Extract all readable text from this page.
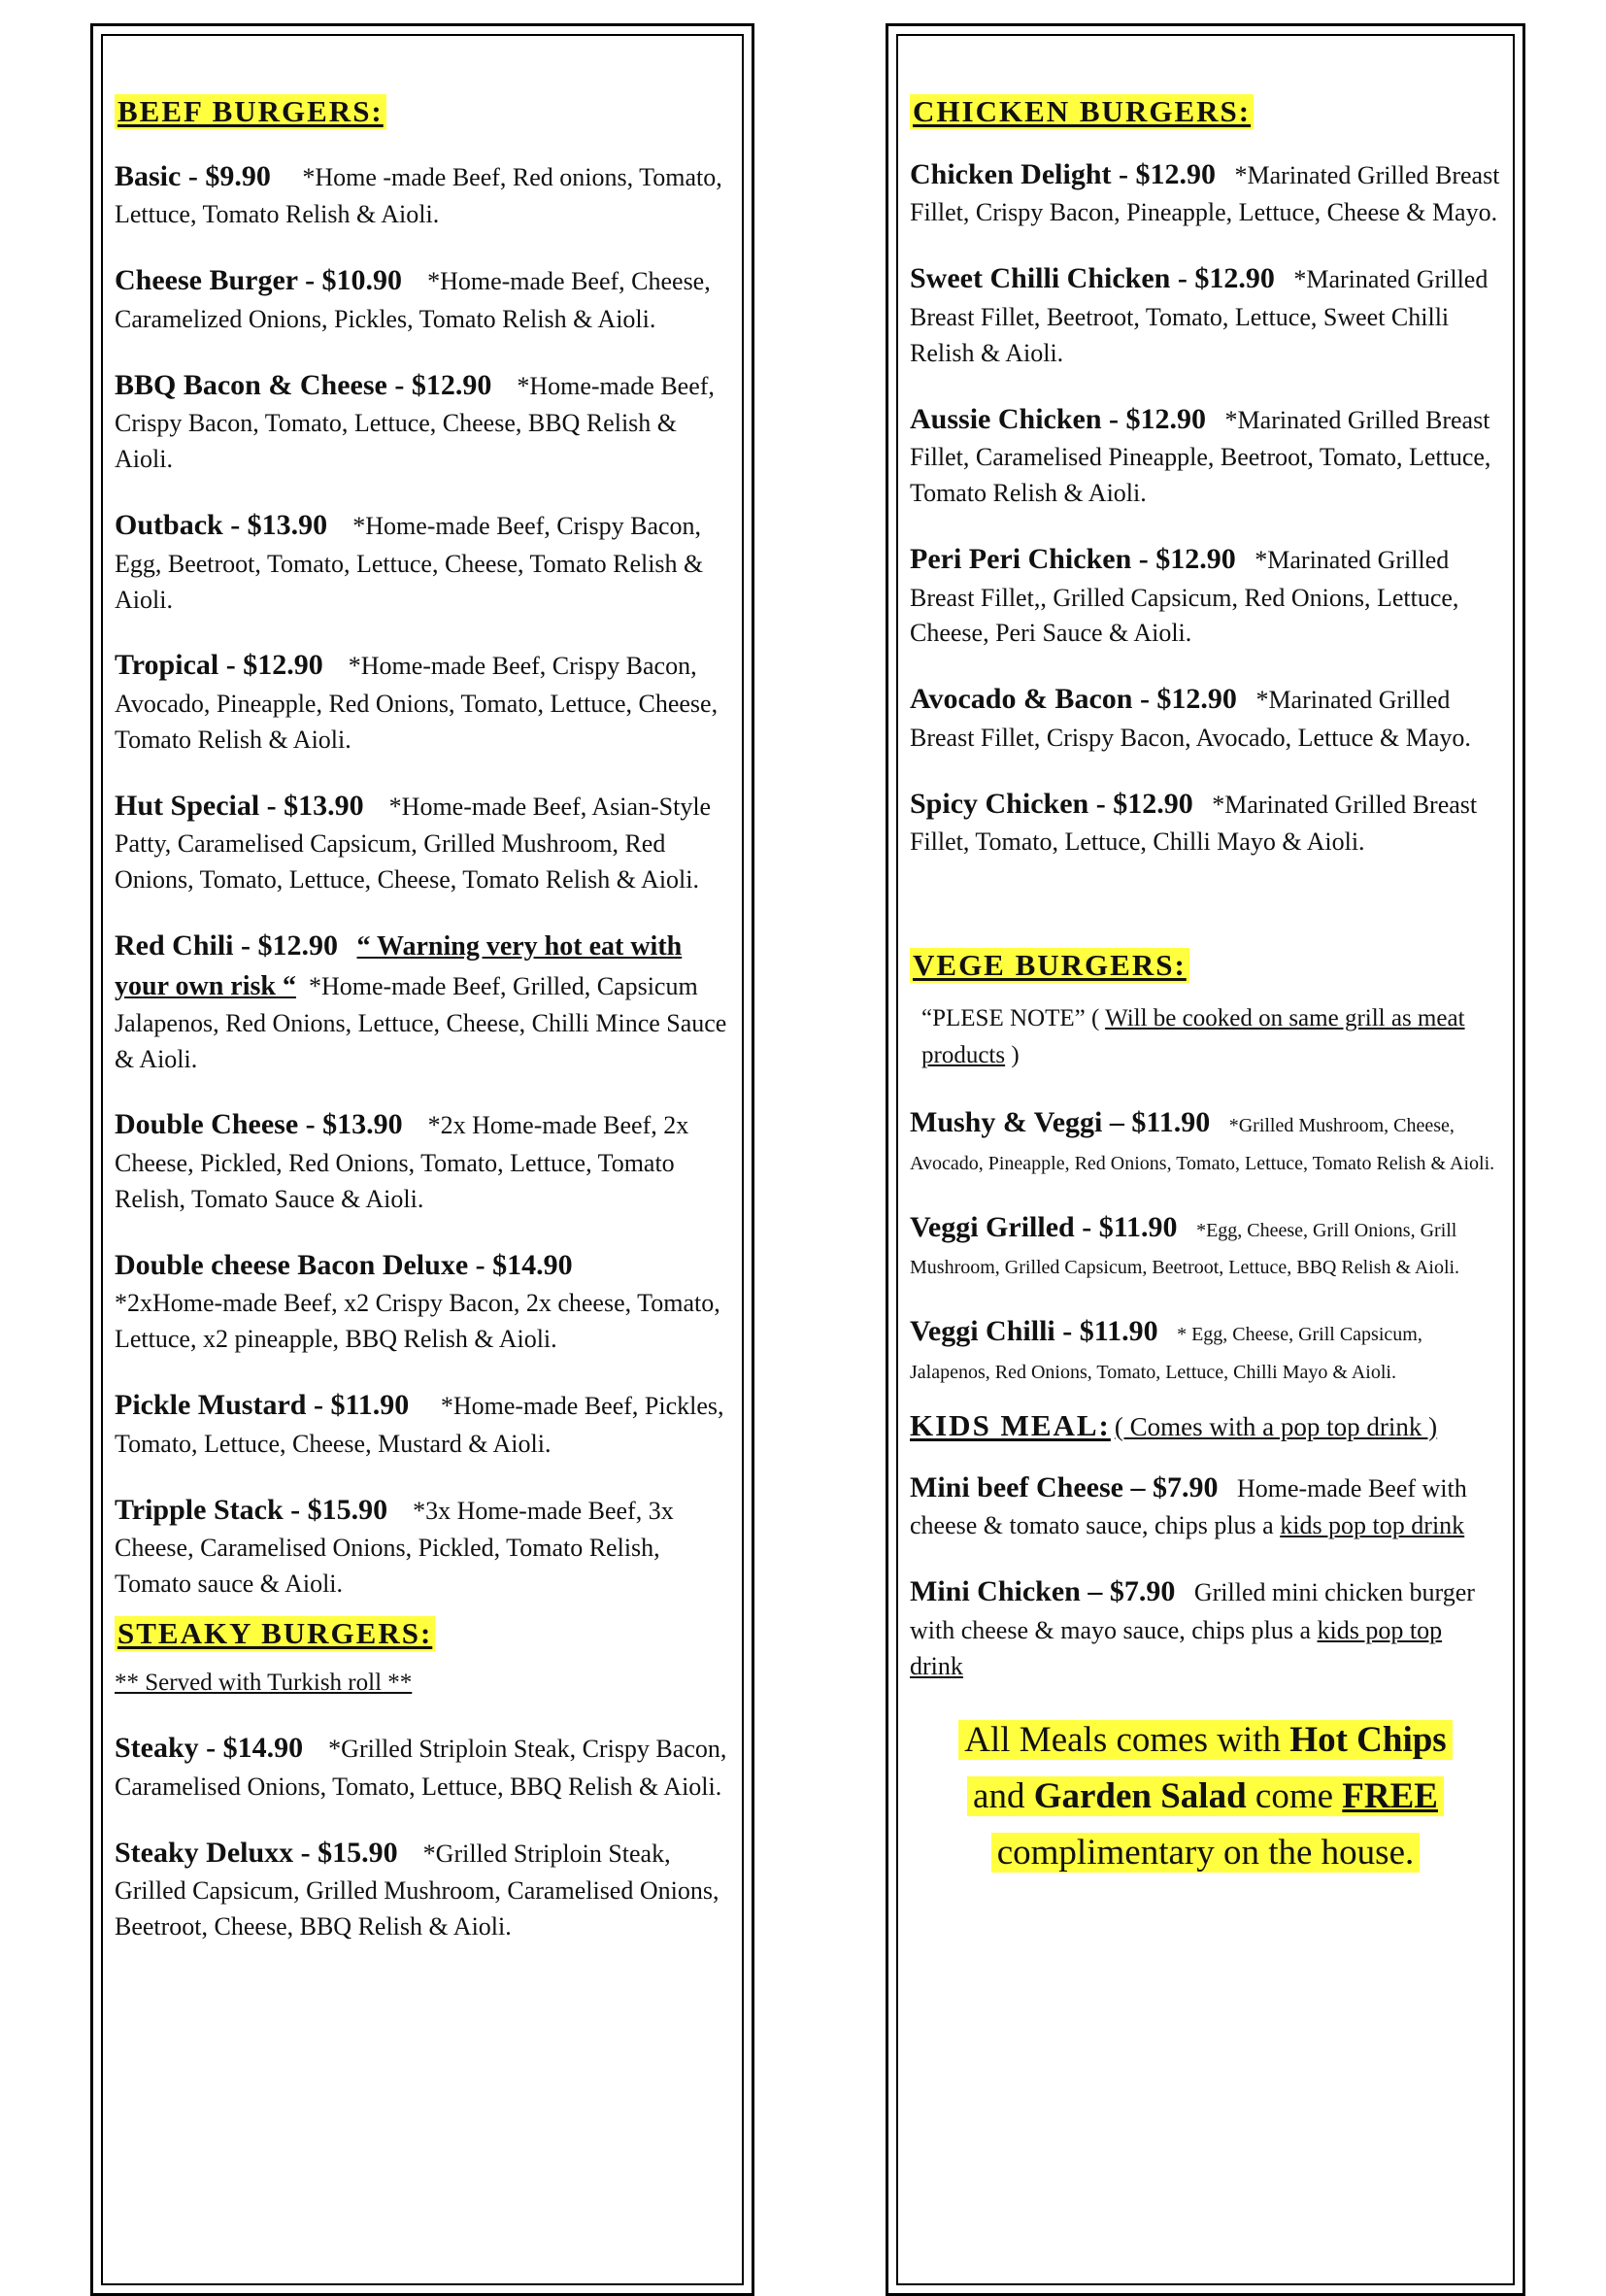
BEEF BURGERS:
Basic - $9.90 *Home -made Beef, Red onions, Tomato, Lettuce, Tomato Relish & Aioli.
Cheese Burger - $10.90 *Home-made Beef, Cheese, Caramelized Onions, Pickles, Tomato Relish & Aioli.
BBQ Bacon & Cheese - $12.90 *Home-made Beef, Crispy Bacon, Tomato, Lettuce, Cheese, BBQ Relish & Aioli.
Outback - $13.90 *Home-made Beef, Crispy Bacon, Egg, Beetroot, Tomato, Lettuce, Cheese, Tomato Relish & Aioli.
Tropical - $12.90 *Home-made Beef, Crispy Bacon, Avocado, Pineapple, Red Onions, Tomato, Lettuce, Cheese, Tomato Relish & Aioli.
Hut Special - $13.90 *Home-made Beef, Asian-Style Patty, Caramelised Capsicum, Grilled Mushroom, Red Onions, Tomato, Lettuce, Cheese, Tomato Relish & Aioli.
Red Chili - $12.90 “ Warning very hot eat with your own risk “ *Home-made Beef, Grilled, Capsicum Jalapenos, Red Onions, Lettuce, Cheese, Chilli Mince Sauce & Aioli.
Double Cheese - $13.90 *2x Home-made Beef, 2x Cheese, Pickled, Red Onions, Tomato, Lettuce, Tomato Relish, Tomato Sauce & Aioli.
Double cheese Bacon Deluxe - $14.90
*2xHome-made Beef, x2 Crispy Bacon, 2x cheese, Tomato, Lettuce, x2 pineapple, BBQ Relish & Aioli.
Pickle Mustard - $11.90 *Home-made Beef, Pickles, Tomato, Lettuce, Cheese, Mustard & Aioli.
Tripple Stack - $15.90 *3x Home-made Beef, 3x Cheese, Caramelised Onions, Pickled, Tomato Relish, Tomato sauce & Aioli.
STEAKY BURGERS:
** Served with Turkish roll **
Steaky - $14.90 *Grilled Striploin Steak, Crispy Bacon, Caramelised Onions, Tomato, Lettuce, BBQ Relish & Aioli.
Steaky Deluxx - $15.90 *Grilled Striploin Steak, Grilled Capsicum, Grilled Mushroom, Caramelised Onions, Beetroot, Cheese, BBQ Relish & Aioli.
CHICKEN BURGERS:
Chicken Delight - $12.90 *Marinated Grilled Breast Fillet, Crispy Bacon, Pineapple, Lettuce, Cheese & Mayo.
Sweet Chilli Chicken - $12.90 *Marinated Grilled Breast Fillet, Beetroot, Tomato, Lettuce, Sweet Chilli Relish & Aioli.
Aussie Chicken - $12.90 *Marinated Grilled Breast Fillet, Caramelised Pineapple, Beetroot, Tomato, Lettuce, Tomato Relish & Aioli.
Peri Peri Chicken - $12.90 *Marinated Grilled Breast Fillet,, Grilled Capsicum, Red Onions, Lettuce, Cheese, Peri Sauce & Aioli.
Avocado & Bacon - $12.90 *Marinated Grilled Breast Fillet, Crispy Bacon, Avocado, Lettuce & Mayo.
Spicy Chicken - $12.90 *Marinated Grilled Breast Fillet, Tomato, Lettuce, Chilli Mayo & Aioli.
VEGE BURGERS:
“PLESE NOTE” ( Will be cooked on same grill as meat products )
Mushy & Veggi – $11.90 *Grilled Mushroom, Cheese, Avocado, Pineapple, Red Onions, Tomato, Lettuce, Tomato Relish & Aioli.
Veggi Grilled - $11.90 *Egg, Cheese, Grill Onions, Grill Mushroom, Grilled Capsicum, Beetroot, Lettuce, BBQ Relish & Aioli.
Veggi Chilli - $11.90 * Egg, Cheese, Grill Capsicum, Jalapenos, Red Onions, Tomato, Lettuce, Chilli Mayo & Aioli.
KIDS MEAL: ( Comes with a pop top drink )
Mini beef Cheese – $7.90 Home-made Beef with cheese & tomato sauce, chips plus a kids pop top drink
Mini Chicken – $7.90 Grilled mini chicken burger with cheese & mayo sauce, chips plus a kids pop top drink
All Meals comes with Hot Chips
and Garden Salad come FREE
complimentary on the house.
